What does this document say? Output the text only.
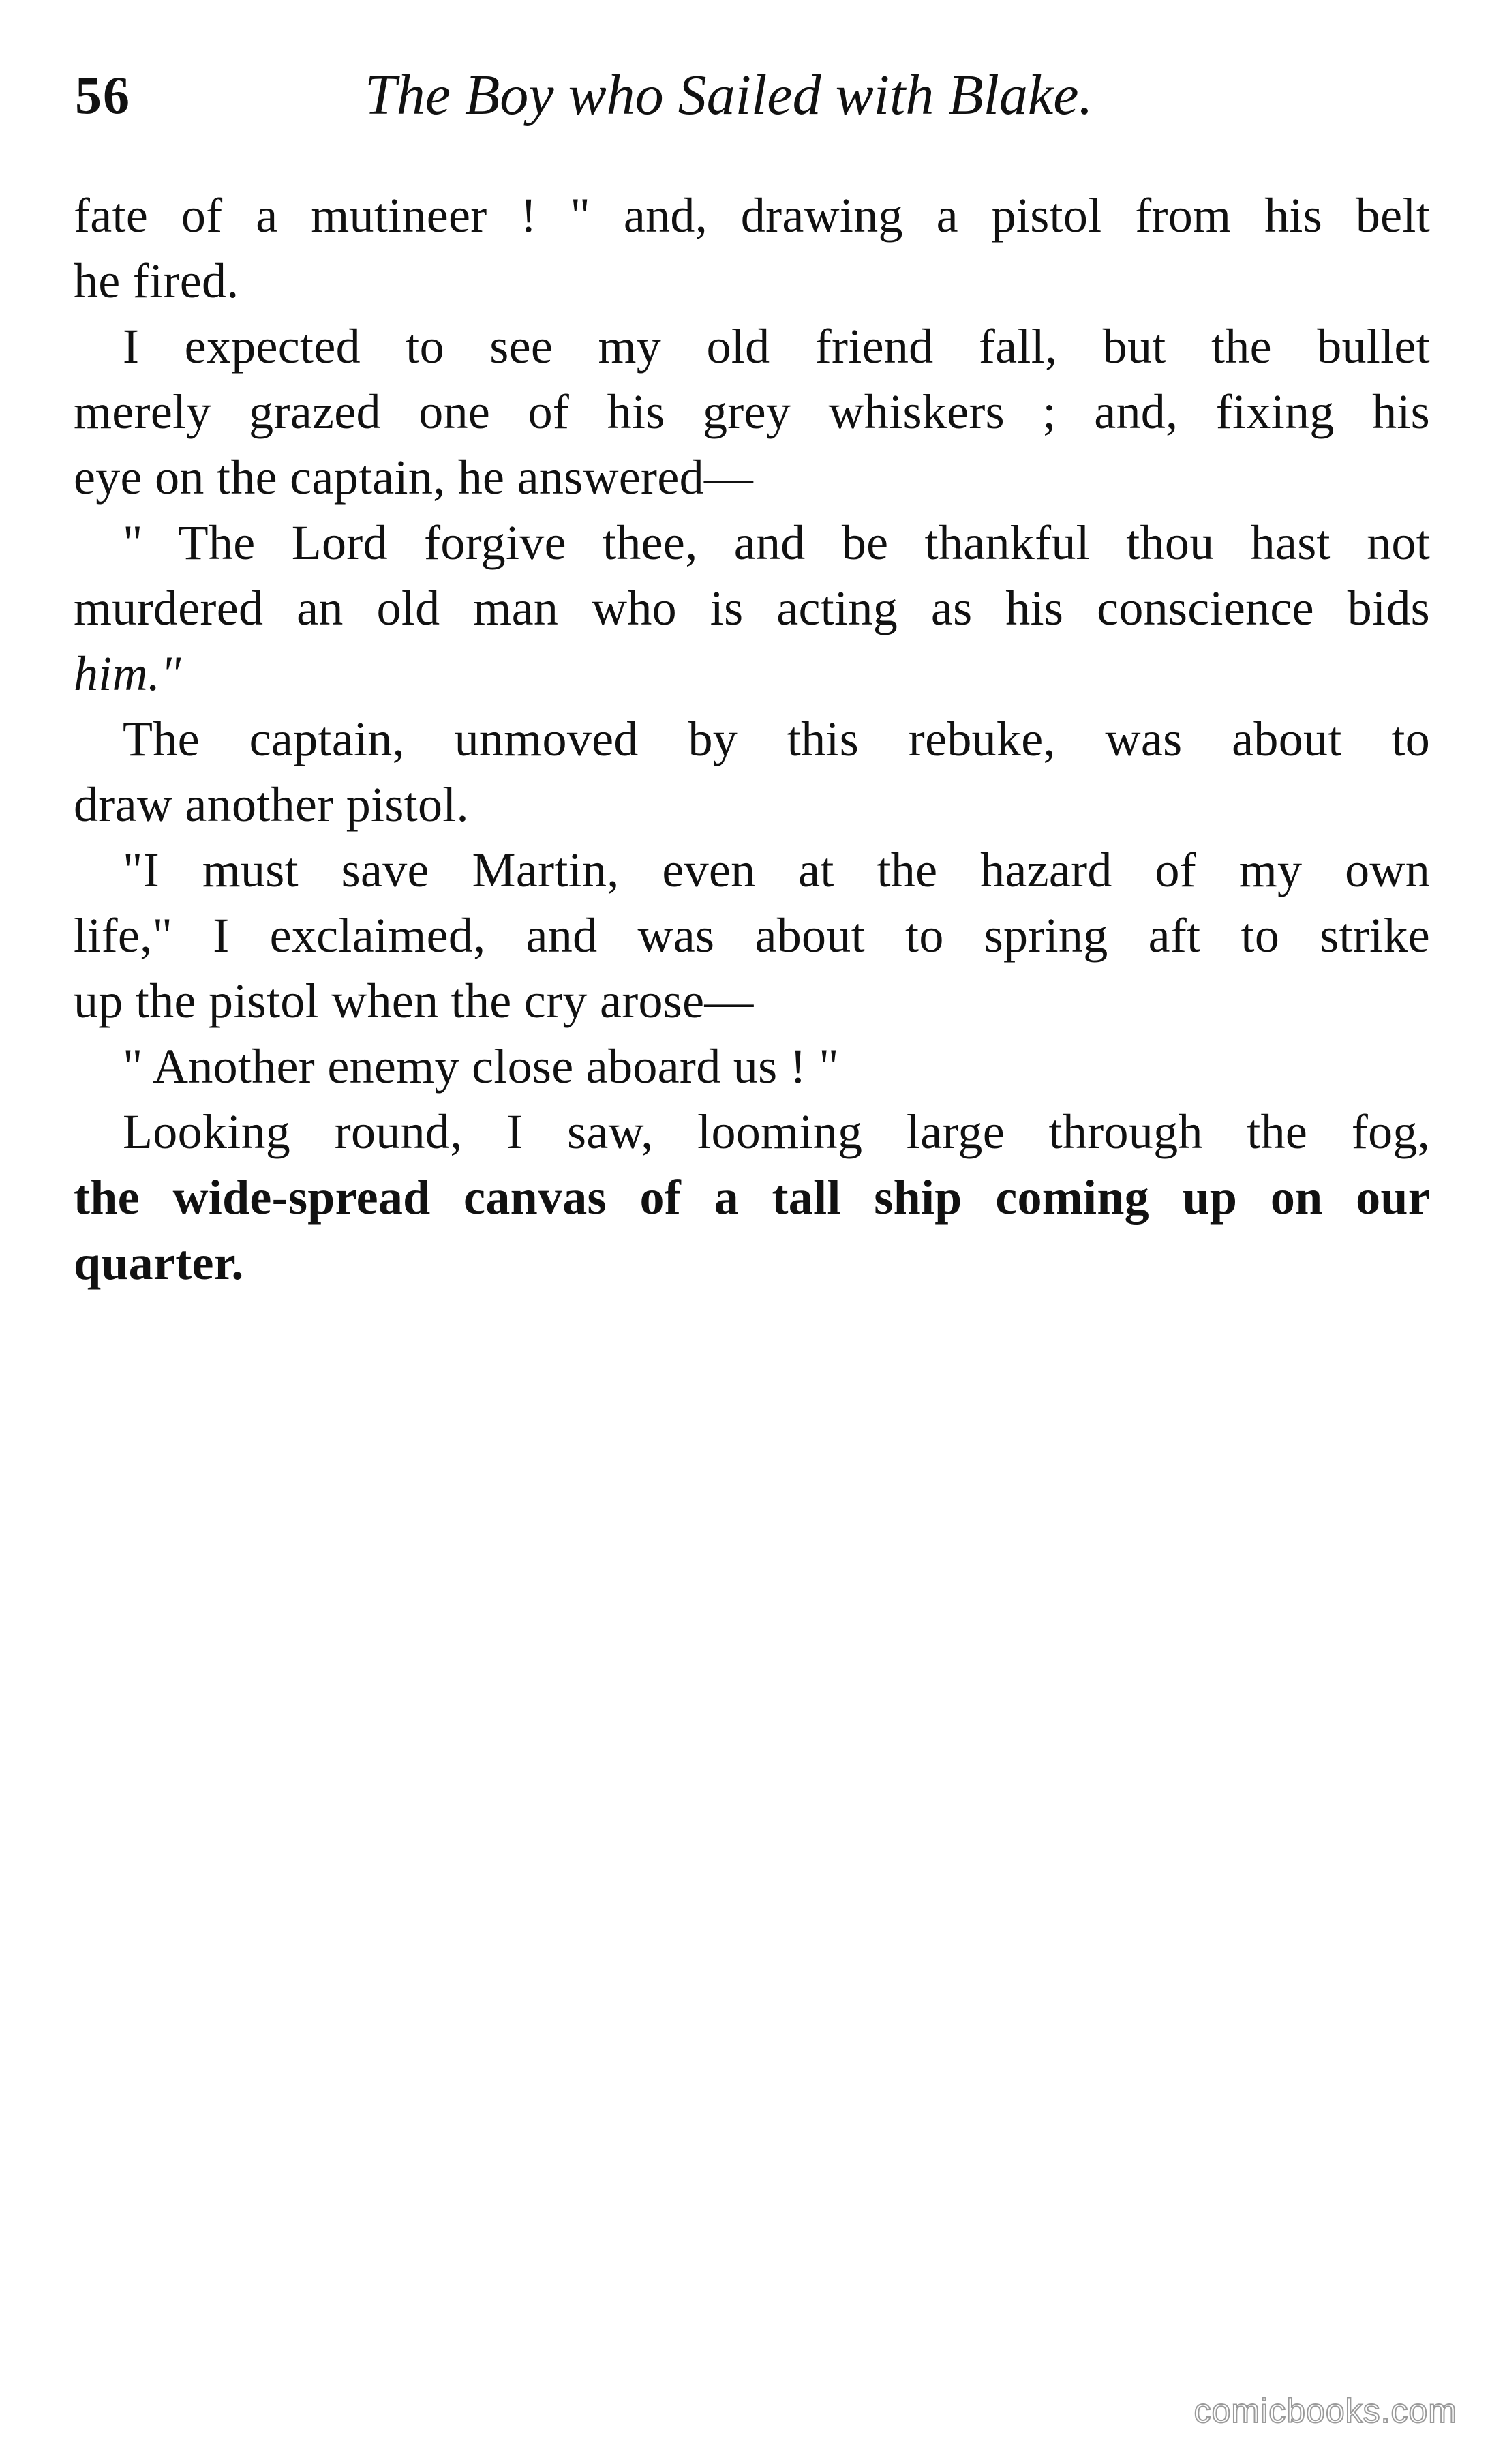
56	The Boy who Sailed with Blake.
fate of a mutineer ! " and, drawing a pistol from his belt
he fired.
I expected to see my old friend fall, but the bullet
merely grazed one of his grey whiskers ; and, fixing his
eye on the captain, he answered—
" The Lord forgive thee, and be thankful thou hast not
murdered an old man who is acting as his conscience bids
him."
The captain, unmoved by this rebuke, was about to
draw another pistol.
"I must save Martin, even at the hazard of my own
life," I exclaimed, and was about to spring aft to strike
up the pistol when the cry arose—
" Another enemy close aboard us ! "
Looking round, I saw, looming large through the fog,
the wide-spread canvas of a tall ship coming up on our
quarter.
comicbooks.com
